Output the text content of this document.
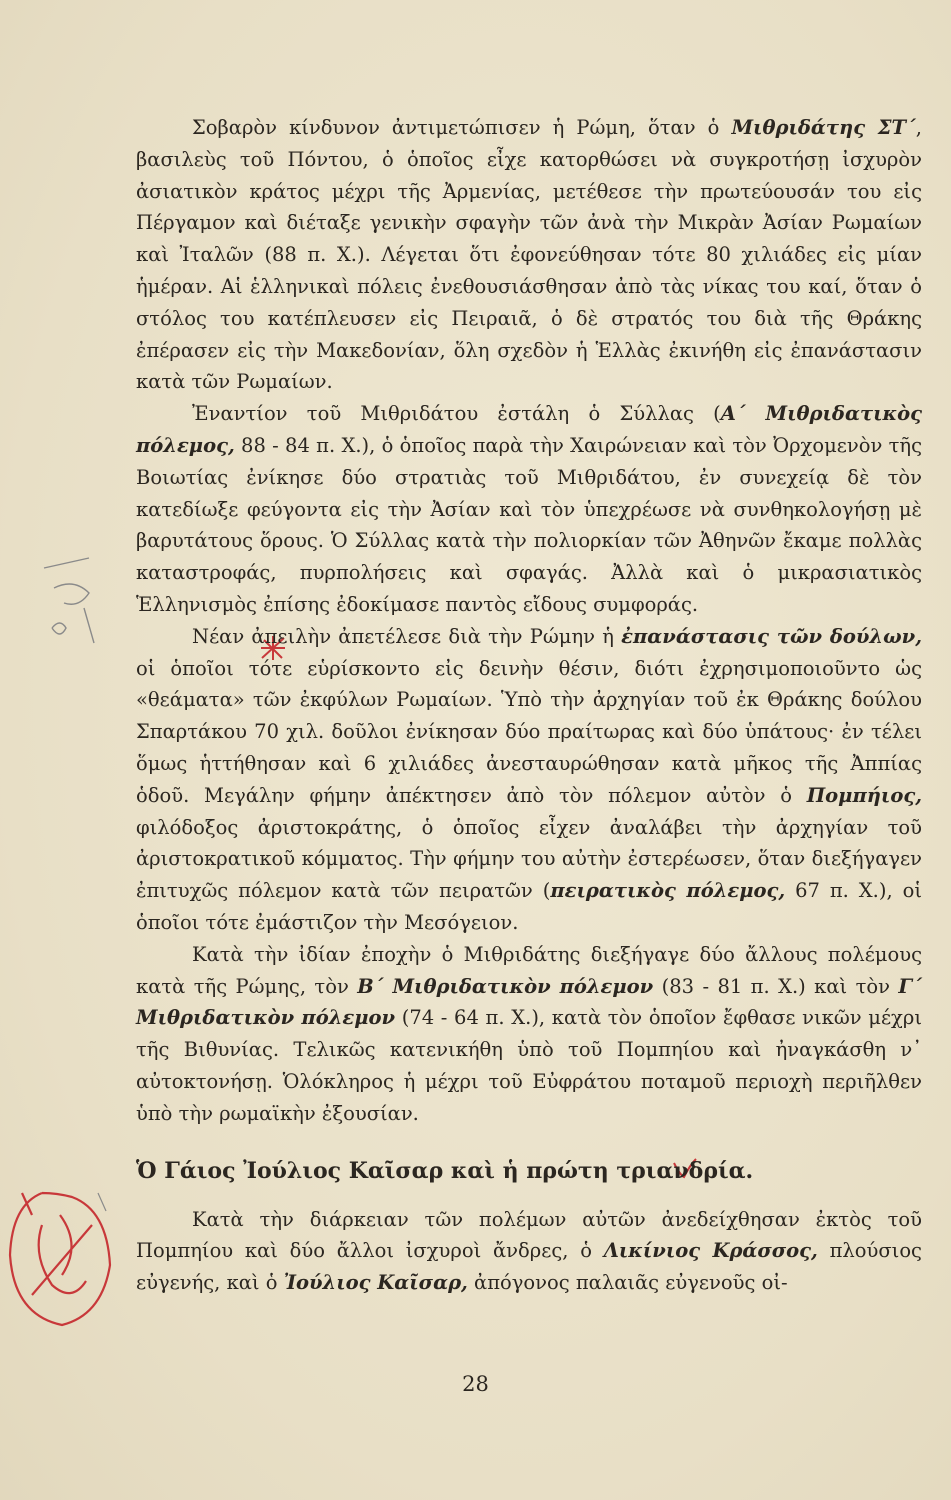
Σοβαρὸν κίνδυνον ἀντιμετώπισεν ἡ Ρώμη, ὅταν ὁ Μιθριδάτης ΣΤ΄, βασιλεὺς τοῦ Πόντου, ὁ ὁποῖος εἶχε κατορθώσει νὰ συγκροτήσῃ ἰσχυρὸν ἀσιατικὸν κράτος μέχρι τῆς Ἀρμενίας, μετέθεσε τὴν πρωτεύουσάν του εἰς Πέργαμον καὶ διέταξε γενικὴν σφαγὴν τῶν ἀνὰ τὴν Μικρὰν Ἀσίαν Ρωμαίων καὶ Ἰταλῶν (88 π. Χ.). Λέγεται ὅτι ἐφονεύθησαν τότε 80 χιλιάδες εἰς μίαν ἡμέραν. Αἱ ἑλληνικαὶ πόλεις ἐνεθουσιάσθησαν ἀπὸ τὰς νίκας του καί, ὅταν ὁ στόλος του κατέπλευσεν εἰς Πειραιᾶ, ὁ δὲ στρατός του διὰ τῆς Θράκης ἐπέρασεν εἰς τὴν Μακεδονίαν, ὅλη σχεδὸν ἡ Ἑλλὰς ἐκινήθη εἰς ἐπανάστασιν κατὰ τῶν Ρωμαίων.

Ἐναντίον τοῦ Μιθριδάτου ἐστάλη ὁ Σύλλας (Α΄ Μιθριδατικὸς πόλεμος, 88 - 84 π. Χ.), ὁ ὁποῖος παρὰ τὴν Χαιρώνειαν καὶ τὸν Ὀρχομενὸν τῆς Βοιωτίας ἐνίκησε δύο στρατιὰς τοῦ Μιθριδάτου, ἐν συνεχείᾳ δὲ τὸν κατεδίωξε φεύγοντα εἰς τὴν Ἀσίαν καὶ τὸν ὑπεχρέωσε νὰ συνθηκολογήσῃ μὲ βαρυτάτους ὅρους. Ὁ Σύλλας κατὰ τὴν πολιορκίαν τῶν Ἀθηνῶν ἔκαμε πολλὰς καταστροφάς, πυρπολήσεις καὶ σφαγάς. Ἀλλὰ καὶ ὁ μικρασιατικὸς Ἑλληνισμὸς ἐπίσης ἐδοκίμασε παντὸς εἴδους συμφοράς.

Νέαν ἀπειλὴν ἀπετέλεσε διὰ τὴν Ρώμην ἡ ἐπανάστασις τῶν δούλων, οἱ ὁποῖοι τότε εὑρίσκοντο εἰς δεινὴν θέσιν, διότι ἐχρησιμοποιοῦντο ὡς «θεάματα» τῶν ἐκφύλων Ρωμαίων. Ὑπὸ τὴν ἀρχηγίαν τοῦ ἐκ Θράκης δούλου Σπαρτάκου 70 χιλ. δοῦλοι ἐνίκησαν δύο πραίτωρας καὶ δύο ὑπάτους· ἐν τέλει ὅμως ἡττήθησαν καὶ 6 χιλιάδες ἀνεσταυρώθησαν κατὰ μῆκος τῆς Ἀππίας ὁδοῦ. Μεγάλην φήμην ἀπέκτησεν ἀπὸ τὸν πόλεμον αὐτὸν ὁ Πομπήιος, φιλόδοξος ἀριστοκράτης, ὁ ὁποῖος εἶχεν ἀναλάβει τὴν ἀρχηγίαν τοῦ ἀριστοκρατικοῦ κόμματος. Τὴν φήμην του αὐτὴν ἐστερέωσεν, ὅταν διεξήγαγεν ἐπιτυχῶς πόλεμον κατὰ τῶν πειρατῶν (πειρατικὸς πόλεμος, 67 π. Χ.), οἱ ὁποῖοι τότε ἐμάστιζον τὴν Μεσόγειον.

Κατὰ τὴν ἰδίαν ἐποχὴν ὁ Μιθριδάτης διεξήγαγε δύο ἄλλους πολέμους κατὰ τῆς Ρώμης, τὸν Β΄ Μιθριδατικὸν πόλεμον (83 - 81 π. Χ.) καὶ τὸν Γ΄ Μιθριδατικὸν πόλεμον (74 - 64 π. Χ.), κατὰ τὸν ὁποῖον ἔφθασε νικῶν μέχρι τῆς Βιθυνίας. Τελικῶς κατενικήθη ὑπὸ τοῦ Πομπηίου καὶ ἠναγκάσθη ν᾿ αὐτοκτονήσῃ. Ὁλόκληρος ἡ μέχρι τοῦ Εὐφράτου ποταμοῦ περιοχὴ περιῆλθεν ὑπὸ τὴν ρωμαϊκὴν ἐξουσίαν.

Ὁ Γάιος Ἰούλιος Καῖσαρ καὶ ἡ πρώτη τριανδρία.

Κατὰ τὴν διάρκειαν τῶν πολέμων αὐτῶν ἀνεδείχθησαν ἐκτὸς τοῦ Πομπηίου καὶ δύο ἄλλοι ἰσχυροὶ ἄνδρες, ὁ Λικίνιος Κράσσος, πλούσιος εὐγενής, καὶ ὁ Ἰούλιος Καῖσαρ, ἀπόγονος παλαιᾶς εὐγενοῦς οἰ-

28
